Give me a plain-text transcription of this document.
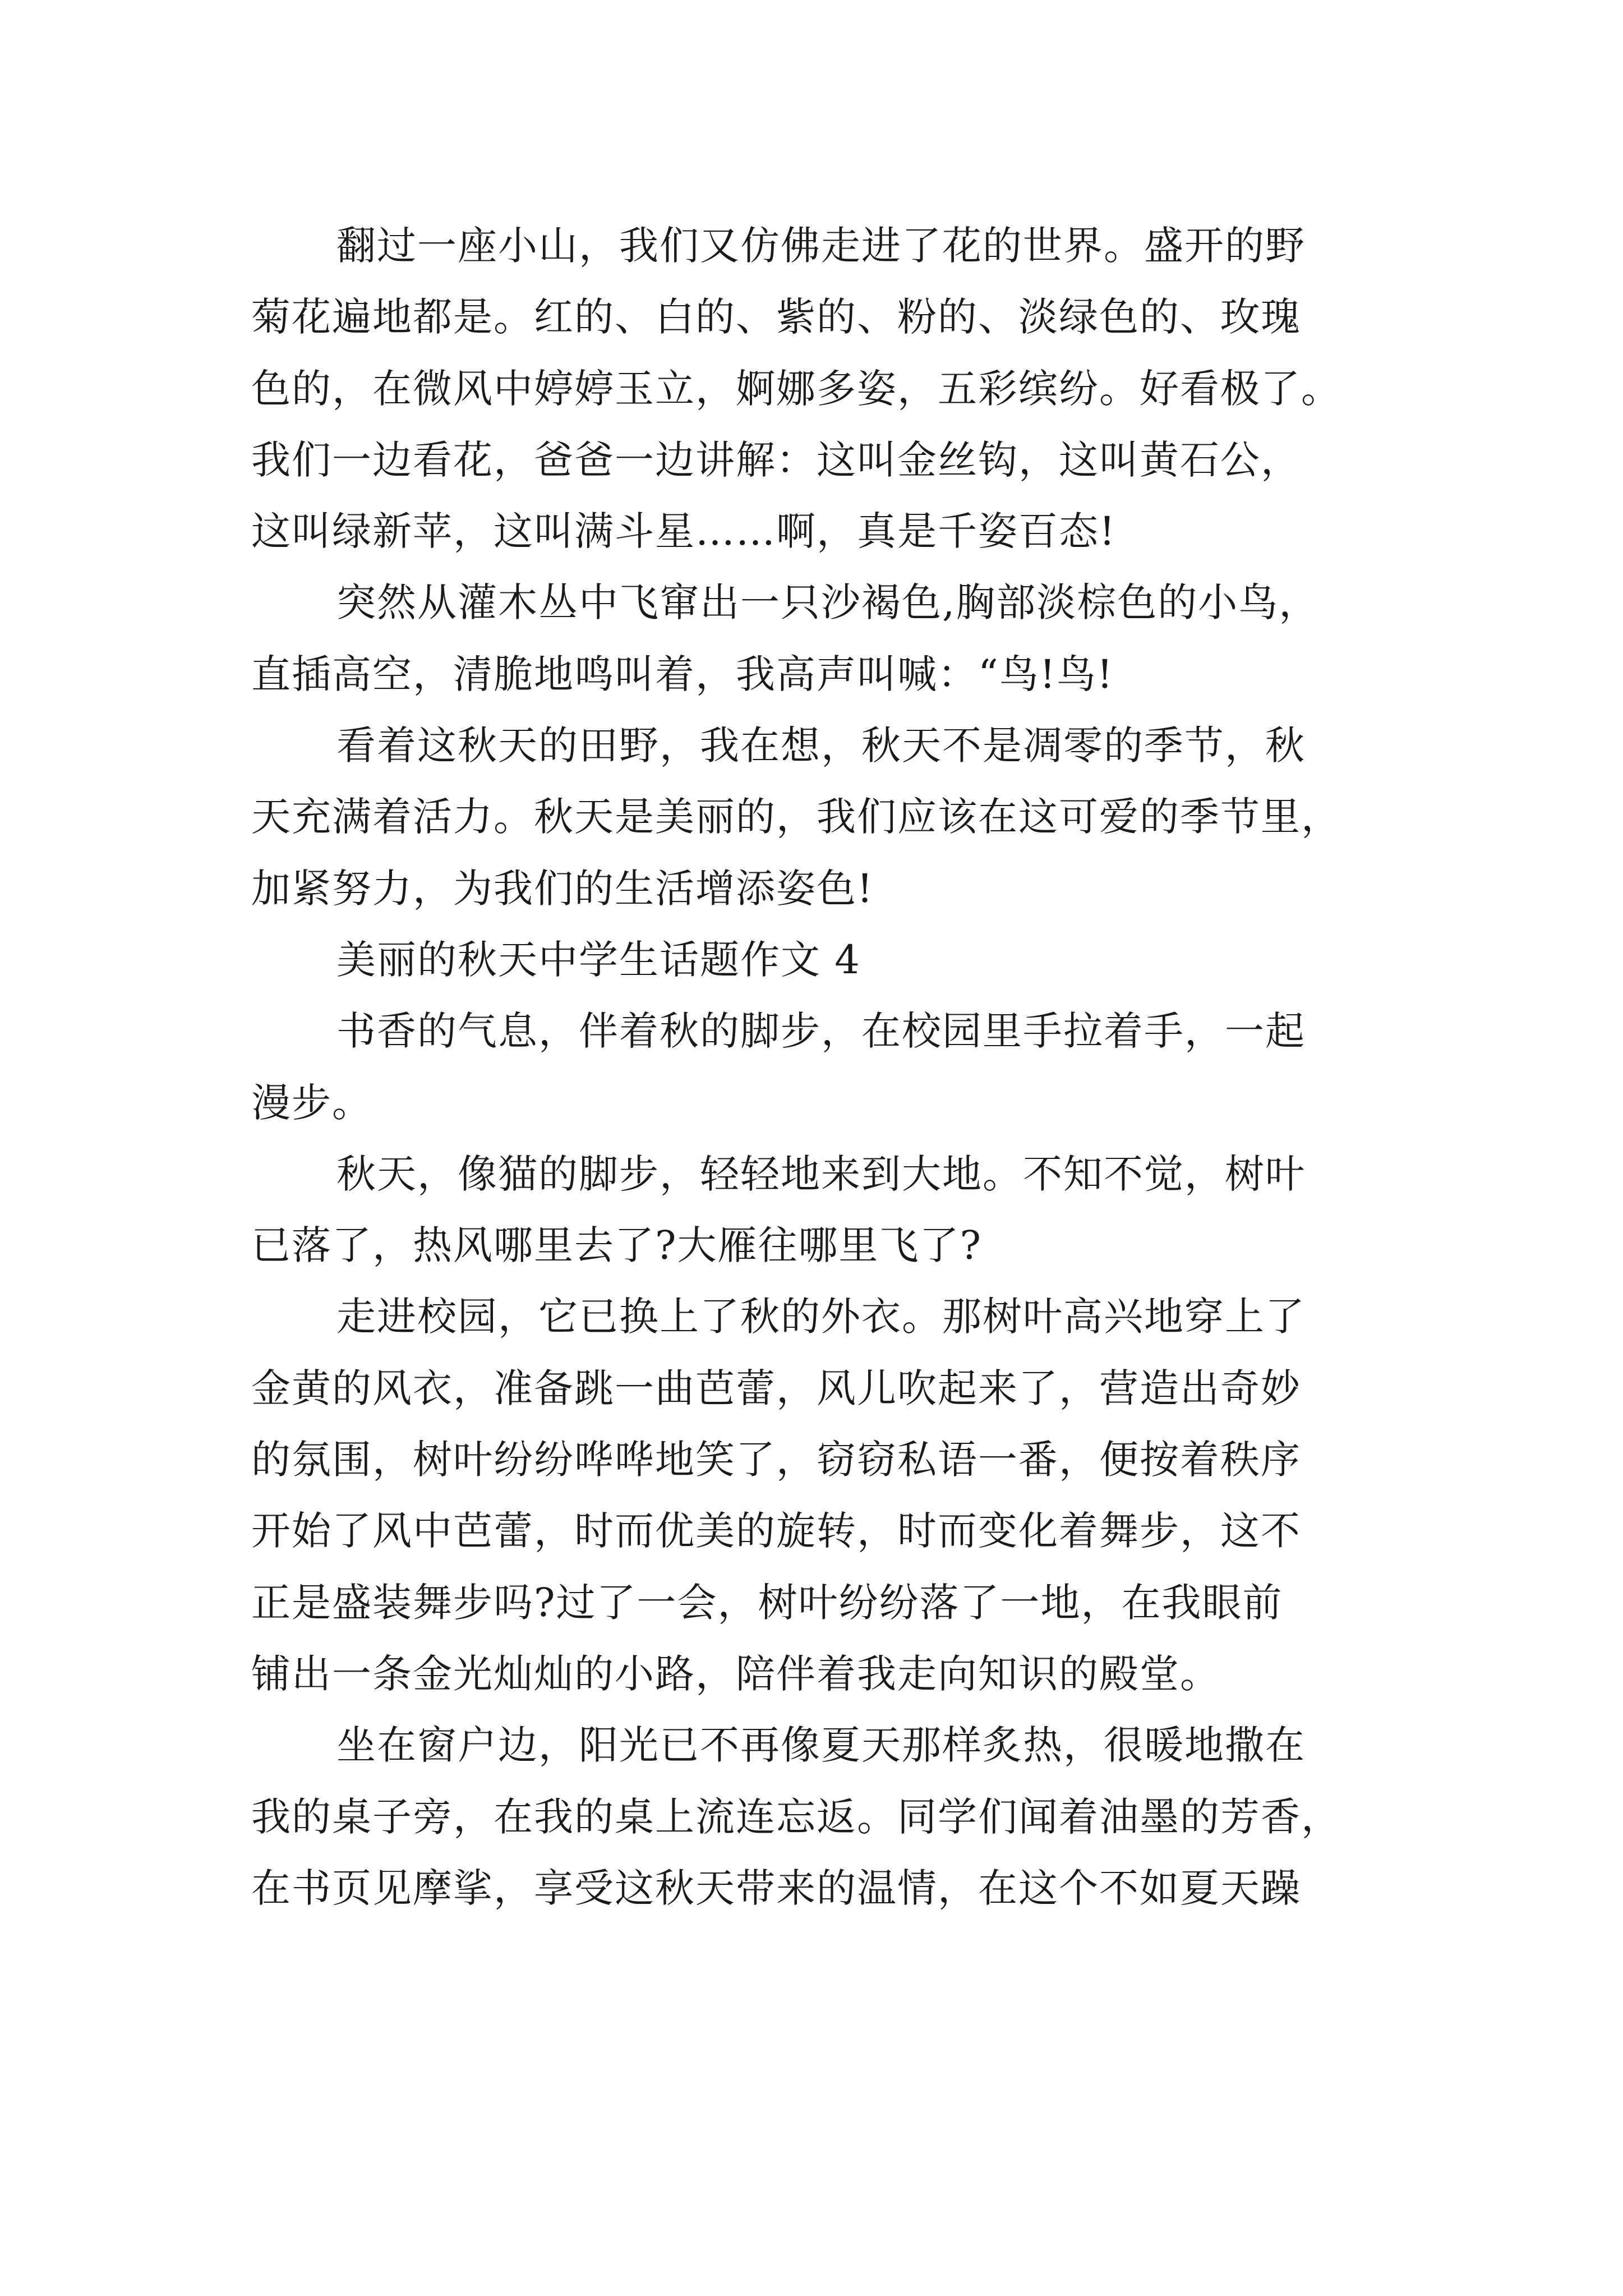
翻过一座小山，我们又仿佛走进了花的世界。盛开的野
菊花遍地都是。红的、白的、紫的、粉的、淡绿色的、玫瑰
色的，在微风中婷婷玉立，婀娜多姿，五彩缤纷。好看极了。
我们一边看花，爸爸一边讲解：这叫金丝钩，这叫黄石公，
这叫绿新苹，这叫满斗星……啊，真是千姿百态!

突然从灌木丛中飞窜出一只沙褐色,胸部淡棕色的小鸟，
直插高空，清脆地鸣叫着，我高声叫喊：“鸟!鸟!

看着这秋天的田野，我在想，秋天不是凋零的季节，秋
天充满着活力。秋天是美丽的，我们应该在这可爱的季节里，
加紧努力，为我们的生活增添姿色!

美丽的秋天中学生话题作文 4

书香的气息，伴着秋的脚步，在校园里手拉着手，一起
漫步。

秋天，像猫的脚步，轻轻地来到大地。不知不觉，树叶
已落了，热风哪里去了?大雁往哪里飞了?

走进校园，它已换上了秋的外衣。那树叶高兴地穿上了
金黄的风衣，准备跳一曲芭蕾，风儿吹起来了，营造出奇妙
的氛围，树叶纷纷哗哗地笑了，窃窃私语一番，便按着秩序
开始了风中芭蕾，时而优美的旋转，时而变化着舞步，这不
正是盛装舞步吗?过了一会，树叶纷纷落了一地，在我眼前
铺出一条金光灿灿的小路，陪伴着我走向知识的殿堂。

坐在窗户边，阳光已不再像夏天那样炙热，很暖地撒在
我的桌子旁，在我的桌上流连忘返。同学们闻着油墨的芳香，
在书页见摩挲，享受这秋天带来的温情，在这个不如夏天躁
